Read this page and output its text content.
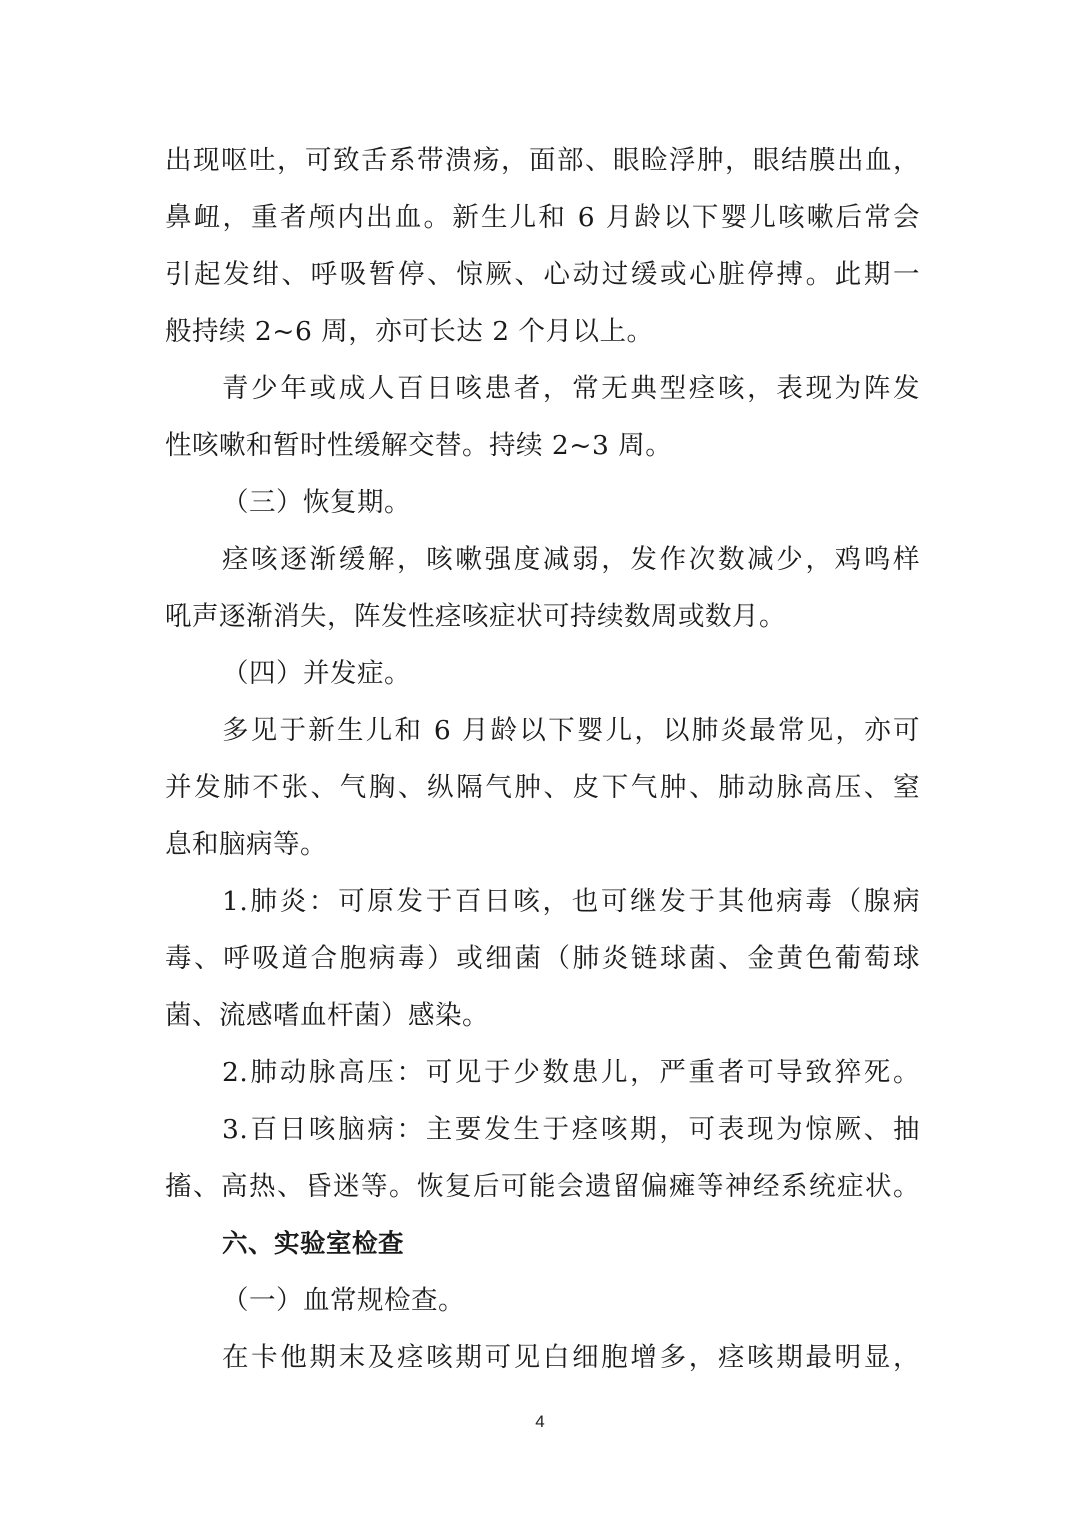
出现呕吐，可致舌系带溃疡，面部、眼睑浮肿，眼结膜出血，
鼻衄，重者颅内出血。新生儿和 6 月龄以下婴儿咳嗽后常会
引起发绀、呼吸暂停、惊厥、心动过缓或心脏停搏。此期一
般持续 2~6 周，亦可长达 2 个月以上。
青少年或成人百日咳患者，常无典型痉咳，表现为阵发
性咳嗽和暂时性缓解交替。持续 2~3 周。
（三）恢复期。
痉咳逐渐缓解，咳嗽强度减弱，发作次数减少，鸡鸣样
吼声逐渐消失，阵发性痉咳症状可持续数周或数月。
（四）并发症。
多见于新生儿和 6 月龄以下婴儿，以肺炎最常见，亦可
并发肺不张、气胸、纵隔气肿、皮下气肿、肺动脉高压、窒
息和脑病等。
1.肺炎：可原发于百日咳，也可继发于其他病毒（腺病
毒、呼吸道合胞病毒）或细菌（肺炎链球菌、金黄色葡萄球
菌、流感嗜血杆菌）感染。
2.肺动脉高压：可见于少数患儿，严重者可导致猝死。
3.百日咳脑病：主要发生于痉咳期，可表现为惊厥、抽
搐、高热、昏迷等。恢复后可能会遗留偏瘫等神经系统症状。
六、实验室检查
（一）血常规检查。
在卡他期末及痉咳期可见白细胞增多，痉咳期最明显，
4
